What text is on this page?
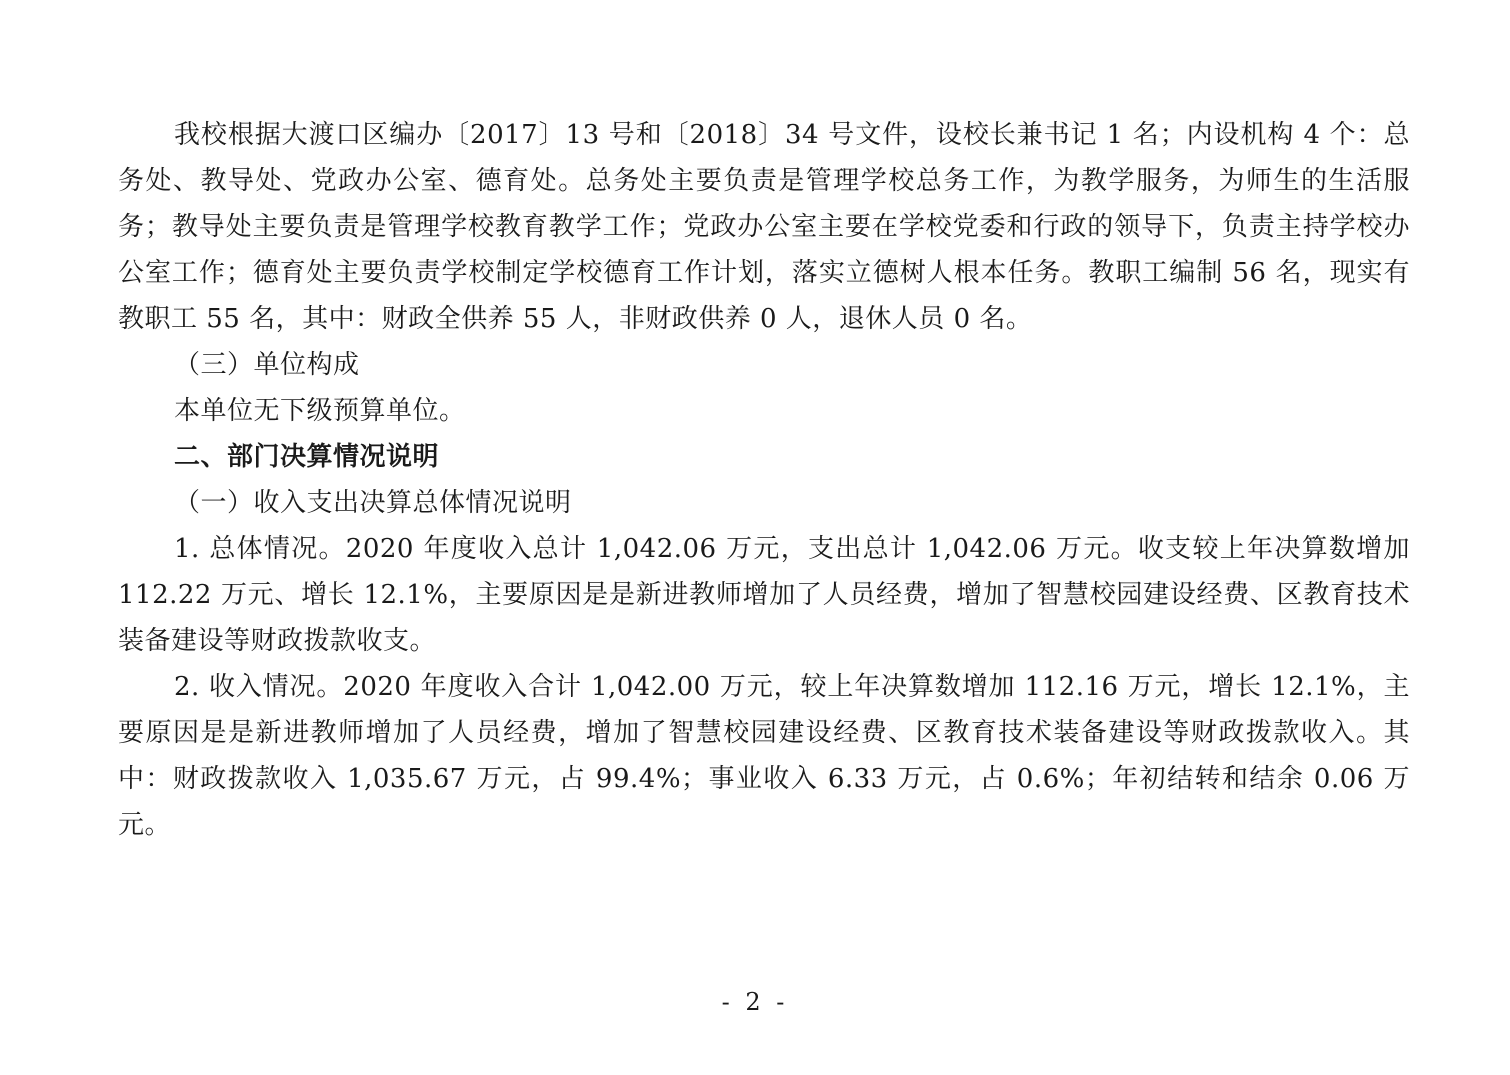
我校根据大渡口区编办〔2017〕13 号和〔2018〕34 号文件，设校长兼书记 1 名；内设机构 4 个：总务处、教导处、党政办公室、德育处。总务处主要负责是管理学校总务工作，为教学服务，为师生的生活服务；教导处主要负责是管理学校教育教学工作；党政办公室主要在学校党委和行政的领导下，负责主持学校办公室工作；德育处主要负责学校制定学校德育工作计划，落实立德树人根本任务。教职工编制 56 名，现实有教职工 55 名，其中：财政全供养 55 人，非财政供养 0 人，退休人员 0 名。

（三）单位构成

本单位无下级预算单位。

二、部门决算情况说明

（一）收入支出决算总体情况说明

1. 总体情况。2020 年度收入总计 1,042.06 万元，支出总计 1,042.06 万元。收支较上年决算数增加 112.22 万元、增长 12.1%，主要原因是是新进教师增加了人员经费，增加了智慧校园建设经费、区教育技术装备建设等财政拨款收支。

2. 收入情况。2020 年度收入合计 1,042.00 万元，较上年决算数增加 112.16 万元，增长 12.1%，主要原因是是新进教师增加了人员经费，增加了智慧校园建设经费、区教育技术装备建设等财政拨款收入。其中：财政拨款收入 1,035.67 万元，占 99.4%；事业收入 6.33 万元，占 0.6%；年初结转和结余 0.06 万元。

- 2 -
